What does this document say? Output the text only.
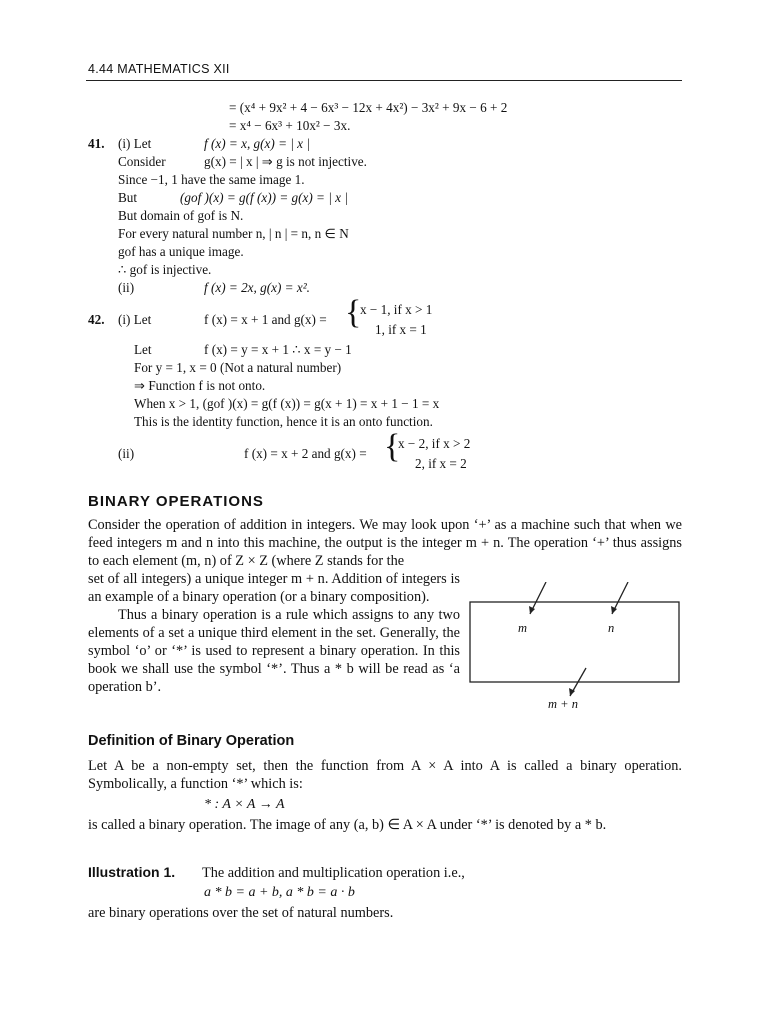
4.44 MATHEMATICS XII
= (x⁴ + 9x² + 4 − 6x³ − 12x + 4x²) − 3x² + 9x − 6 + 2
= x⁴ − 6x³ + 10x² − 3x.
41. (i) Let	f (x) = x, g(x) = | x |
Consider	g(x) = | x | ⇒ g is not injective.
Since −1, 1 have the same image 1.
But	(gof )(x) = g(f (x)) = g(x) = | x |
But domain of gof is N.
For every natural number n, | n | = n, n ∈ N
gof has a unique image.
∴ gof is injective.
(ii)	f (x) = 2x, g(x) = x².
42. (i) Let	f (x) = x + 1 and g(x) = {
x − 1, if x > 1
1, if x = 1
Let	f (x) = y = x + 1 ∴ x = y − 1
For y = 1, x = 0 (Not a natural number)
⇒ Function f is not onto.
When x > 1, (gof )(x) = g(f (x)) = g(x + 1) = x + 1 − 1 = x
This is the identity function, hence it is an onto function.
(ii)	f (x) = x + 2 and g(x) = {
x − 2, if x > 2
2, if x = 2
BINARY OPERATIONS

Consider the operation of addition in integers. We may look upon ‘+’ as a machine such that when we feed integers m and n into this machine, the output is the integer m + n. The operation ‘+’ thus assigns to each element (m, n) of Z × Z (where Z stands for the

set of all integers) a unique integer m + n. Addition of integers is an example of a binary operation (or a binary composition).

Thus a binary operation is a rule which assigns to any two elements of a set a unique third element in the set. Generally, the symbol ‘o’ or ‘*’ is used to represent a binary operation. In this book we shall use the symbol ‘*’. Thus a * b will be read as ‘a operation b’.

m	n
m + n
Definition of Binary Operation

Let A be a non-empty set, then the function from A × A into A is called a binary operation. Symbolically, a function ‘*’ which is:

* : A × A → A

is called a binary operation. The image of any (a, b) ∈ A × A under ‘*’ is denoted by a * b.

Illustration 1. The addition and multiplication operation i.e.,

a * b = a + b, a * b = a · b

are binary operations over the set of natural numbers.
